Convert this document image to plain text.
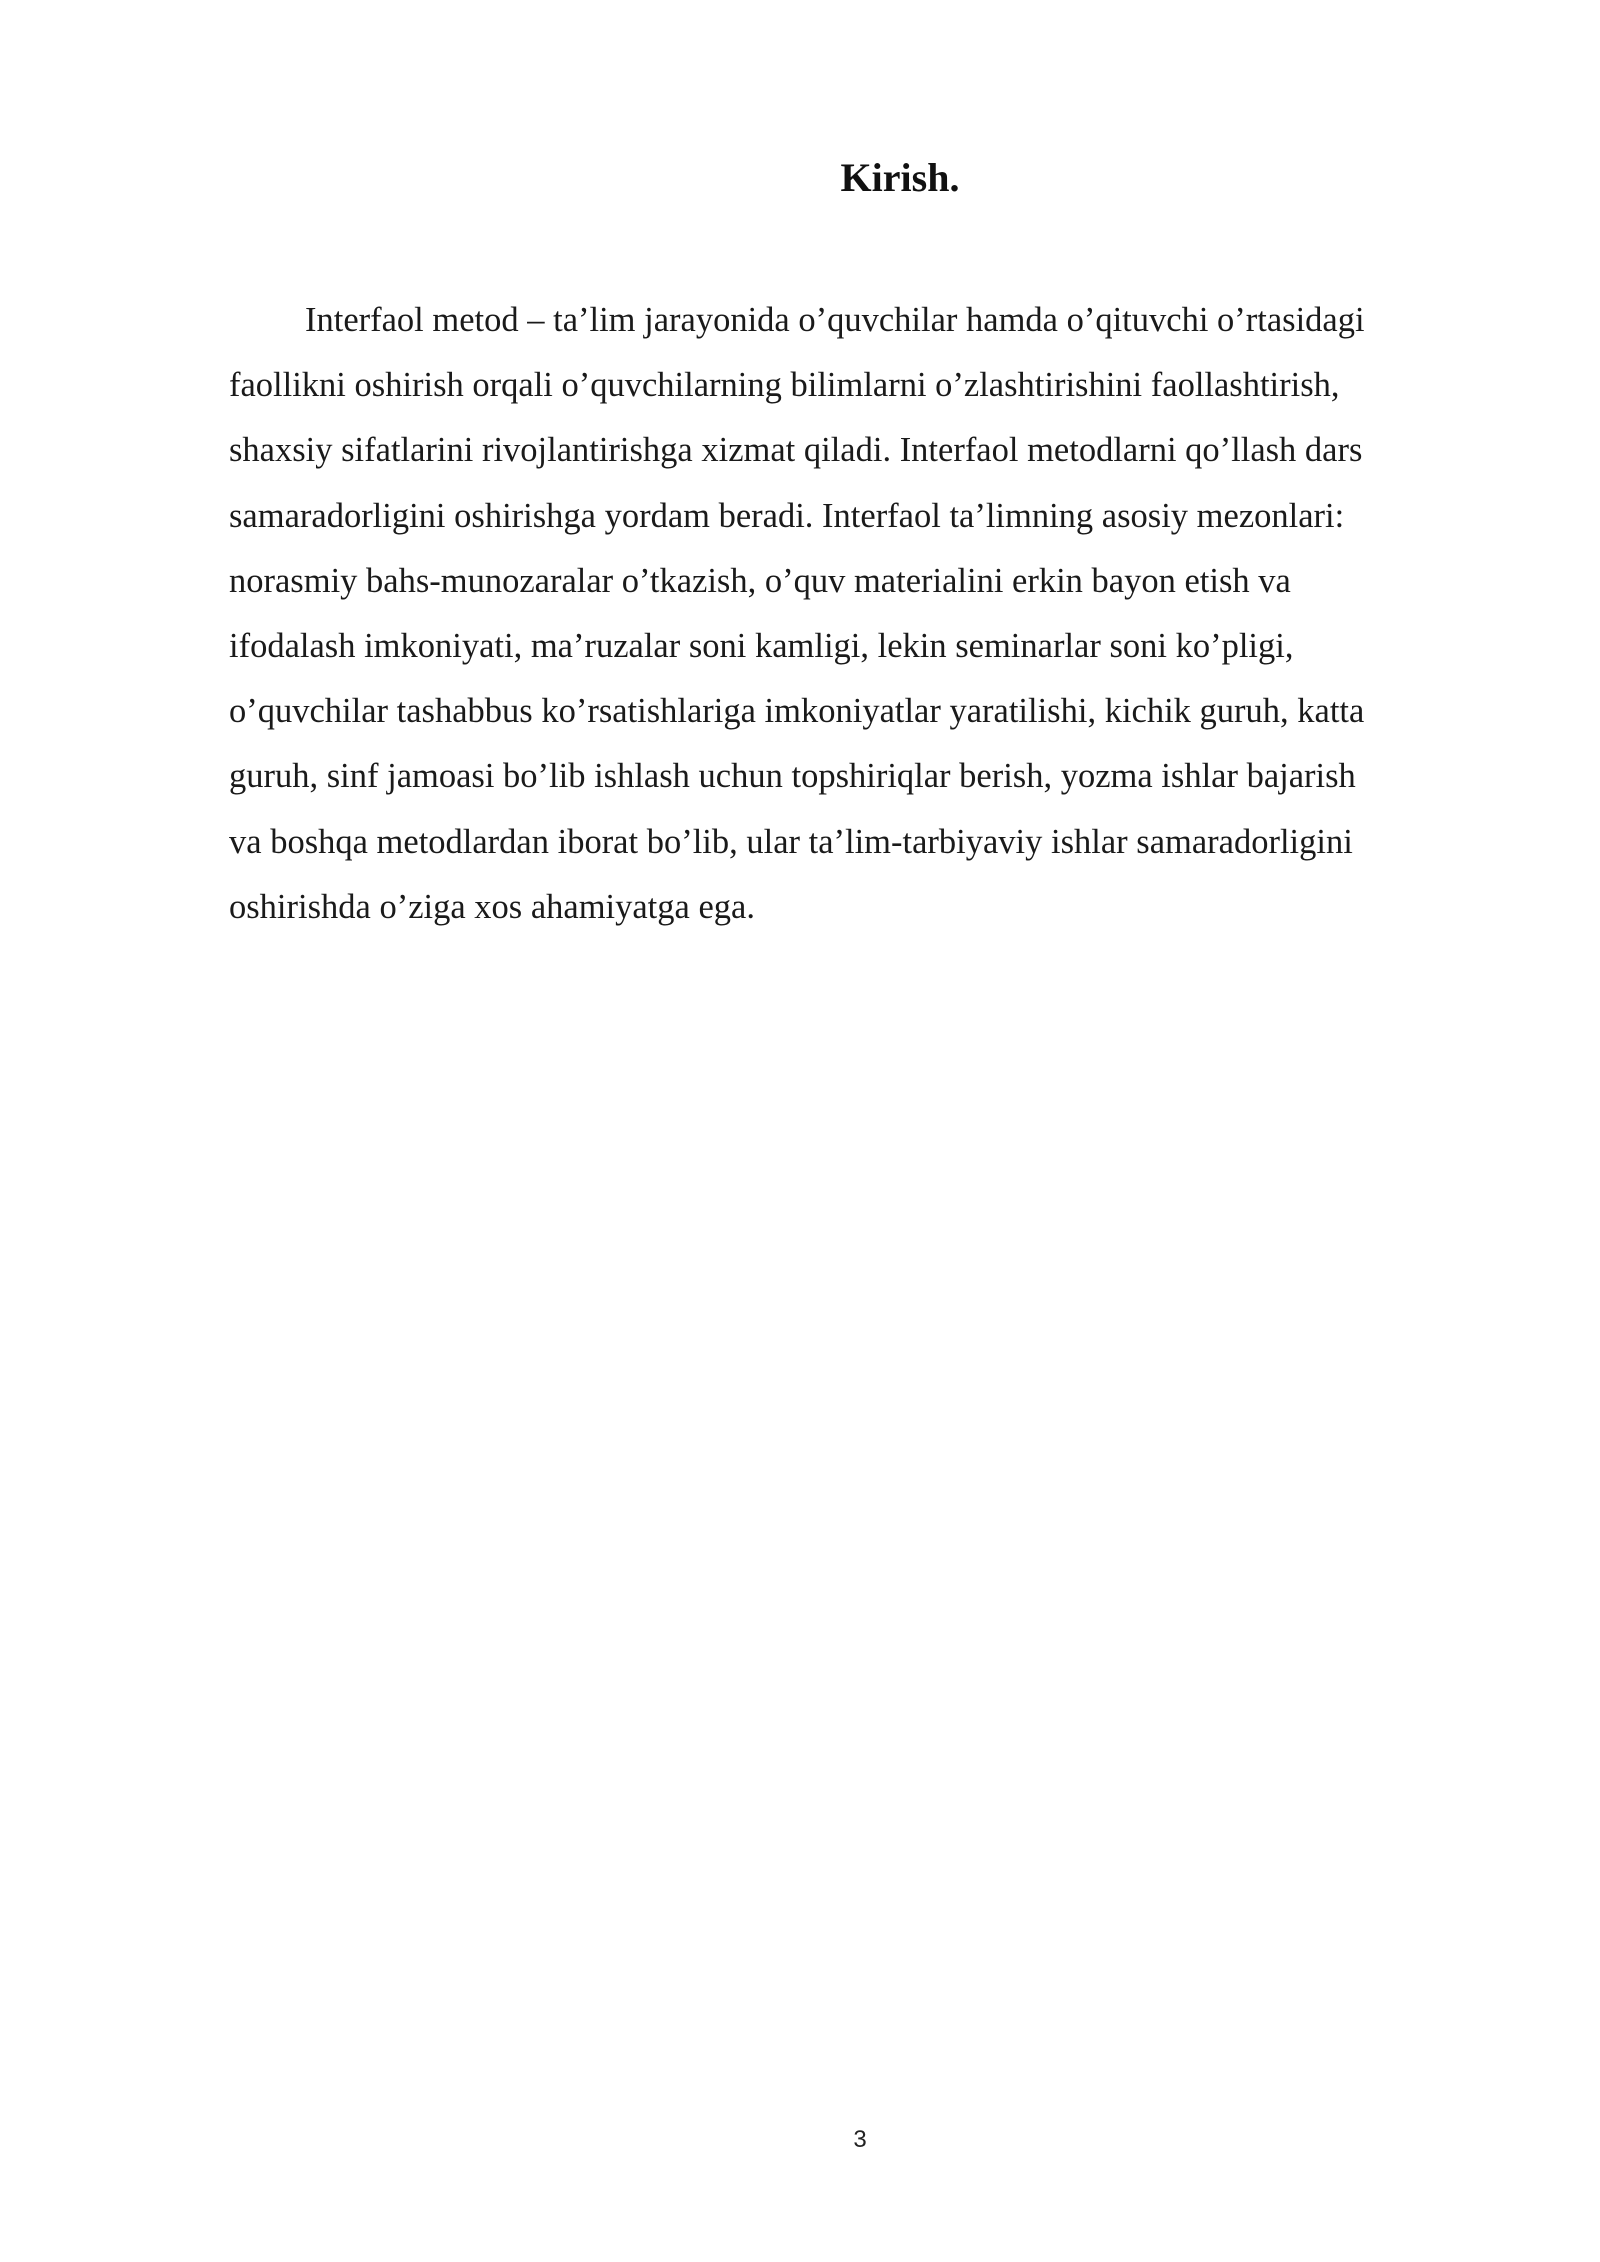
Kirish.

Interfaol metod – ta’lim jarayonida o’quvchilar hamda o’qituvchi o’rtasidagi
faollikni oshirish orqali o’quvchilarning bilimlarni o’zlashtirishini faollashtirish,
shaxsiy sifatlarini rivojlantirishga xizmat qiladi. Interfaol metodlarni qo’llash dars
samaradorligini oshirishga yordam beradi. Interfaol ta’limning asosiy mezonlari:
norasmiy bahs-munozaralar o’tkazish, o’quv materialini erkin bayon etish va
ifodalash imkoniyati, ma’ruzalar soni kamligi, lekin seminarlar soni ko’pligi,
o’quvchilar tashabbus ko’rsatishlariga imkoniyatlar yaratilishi, kichik guruh, katta
guruh, sinf jamoasi bo’lib ishlash uchun topshiriqlar berish, yozma ishlar bajarish
va boshqa metodlardan iborat bo’lib, ular ta’lim-tarbiyaviy ishlar samaradorligini
oshirishda o’ziga xos ahamiyatga ega.

3
